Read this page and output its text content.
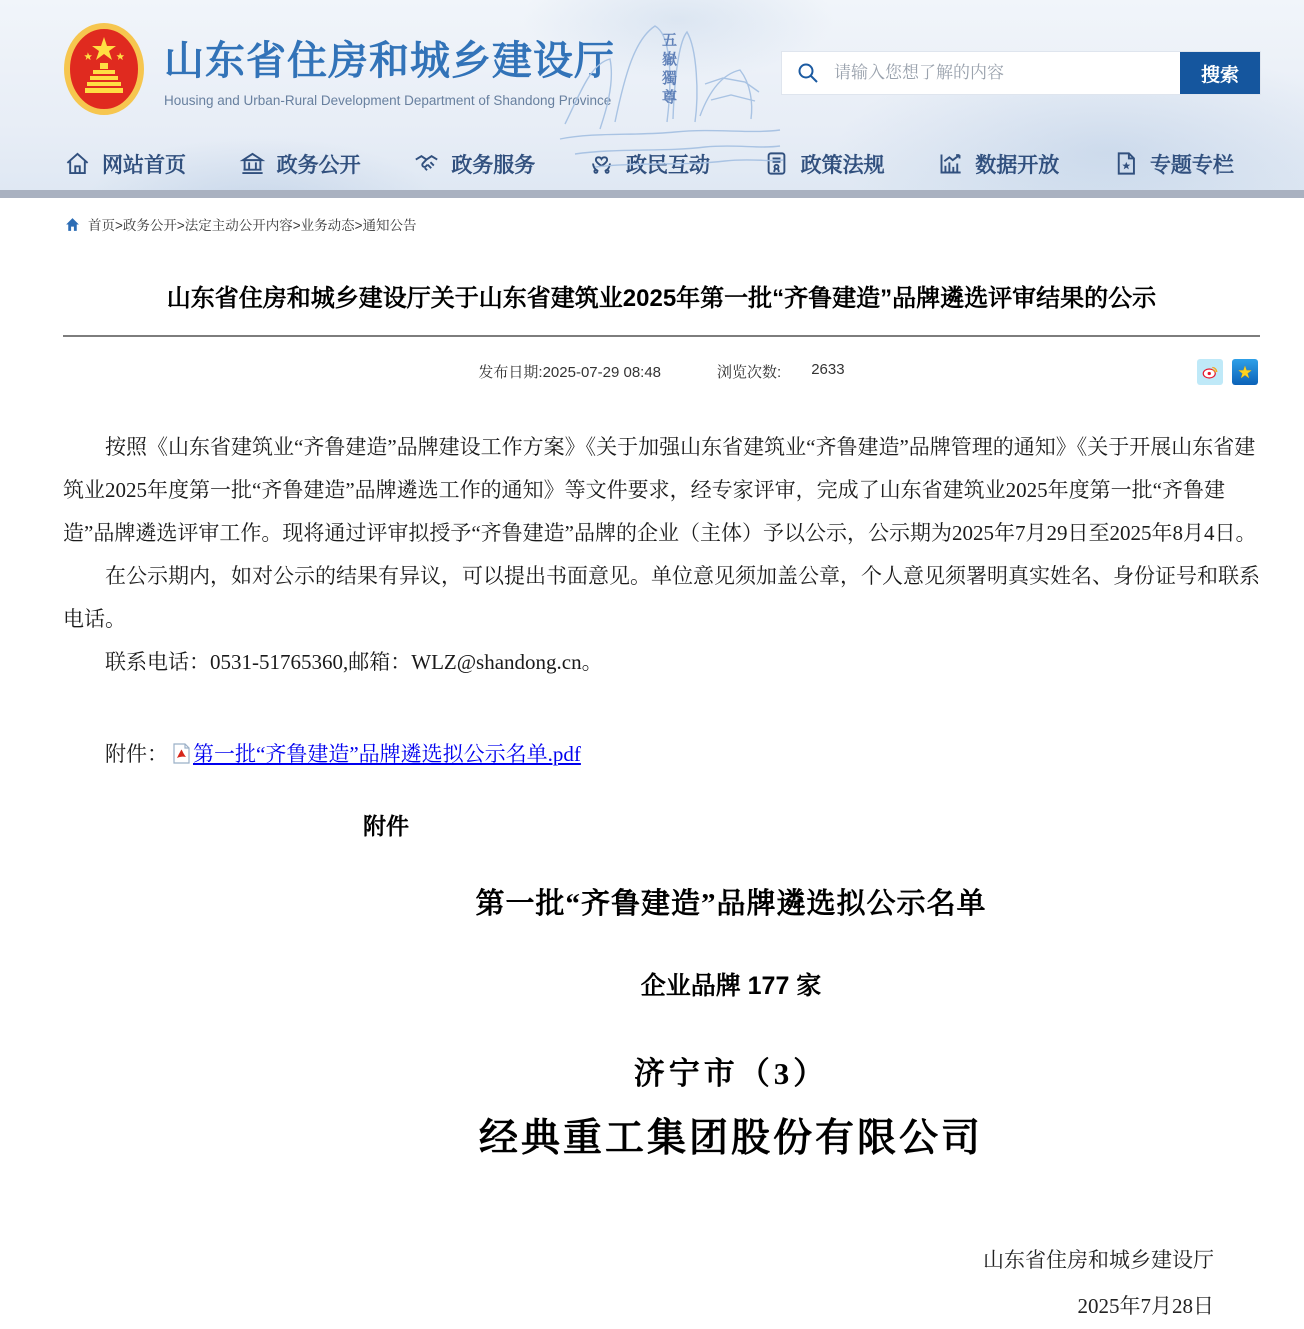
山东省住房和城乡建设厅
Housing and Urban-Rural Development Department of Shandong Province	五嶽獨尊
请输入您想了解的内容	搜索
网站首页	政务公开	政务服务	政民互动	政策法规	数据开放	专题专栏
首页>政务公开>法定主动公开内容>业务动态>通知公告
山东省住房和城乡建设厅关于山东省建筑业2025年第一批“齐鲁建造”品牌遴选评审结果的公示
发布日期:2025-07-29 08:48	浏览次数: 2633	★

按照《山东省建筑业“齐鲁建造”品牌建设工作方案》《关于加强山东省建筑业“齐鲁建造”品牌管理的通知》《关于开展山东省建筑业2025年度第一批“齐鲁建造”品牌遴选工作的通知》等文件要求，经专家评审，完成了山东省建筑业2025年度第一批“齐鲁建造”品牌遴选评审工作。现将通过评审拟授予“齐鲁建造”品牌的企业（主体）予以公示，公示期为2025年7月29日至2025年8月4日。

在公示期内，如对公示的结果有异议，可以提出书面意见。单位意见须加盖公章，个人意见须署明真实姓名、身份证号和联系电话。

联系电话：0531-51765360,邮箱：WLZ@shandong.cn。

附件： 第一批“齐鲁建造”品牌遴选拟公示名单.pdf
附件
第一批“齐鲁建造”品牌遴选拟公示名单
企业品牌 177 家
济宁市（3）
经典重工集团股份有限公司
山东省住房和城乡建设厅
2025年7月28日
